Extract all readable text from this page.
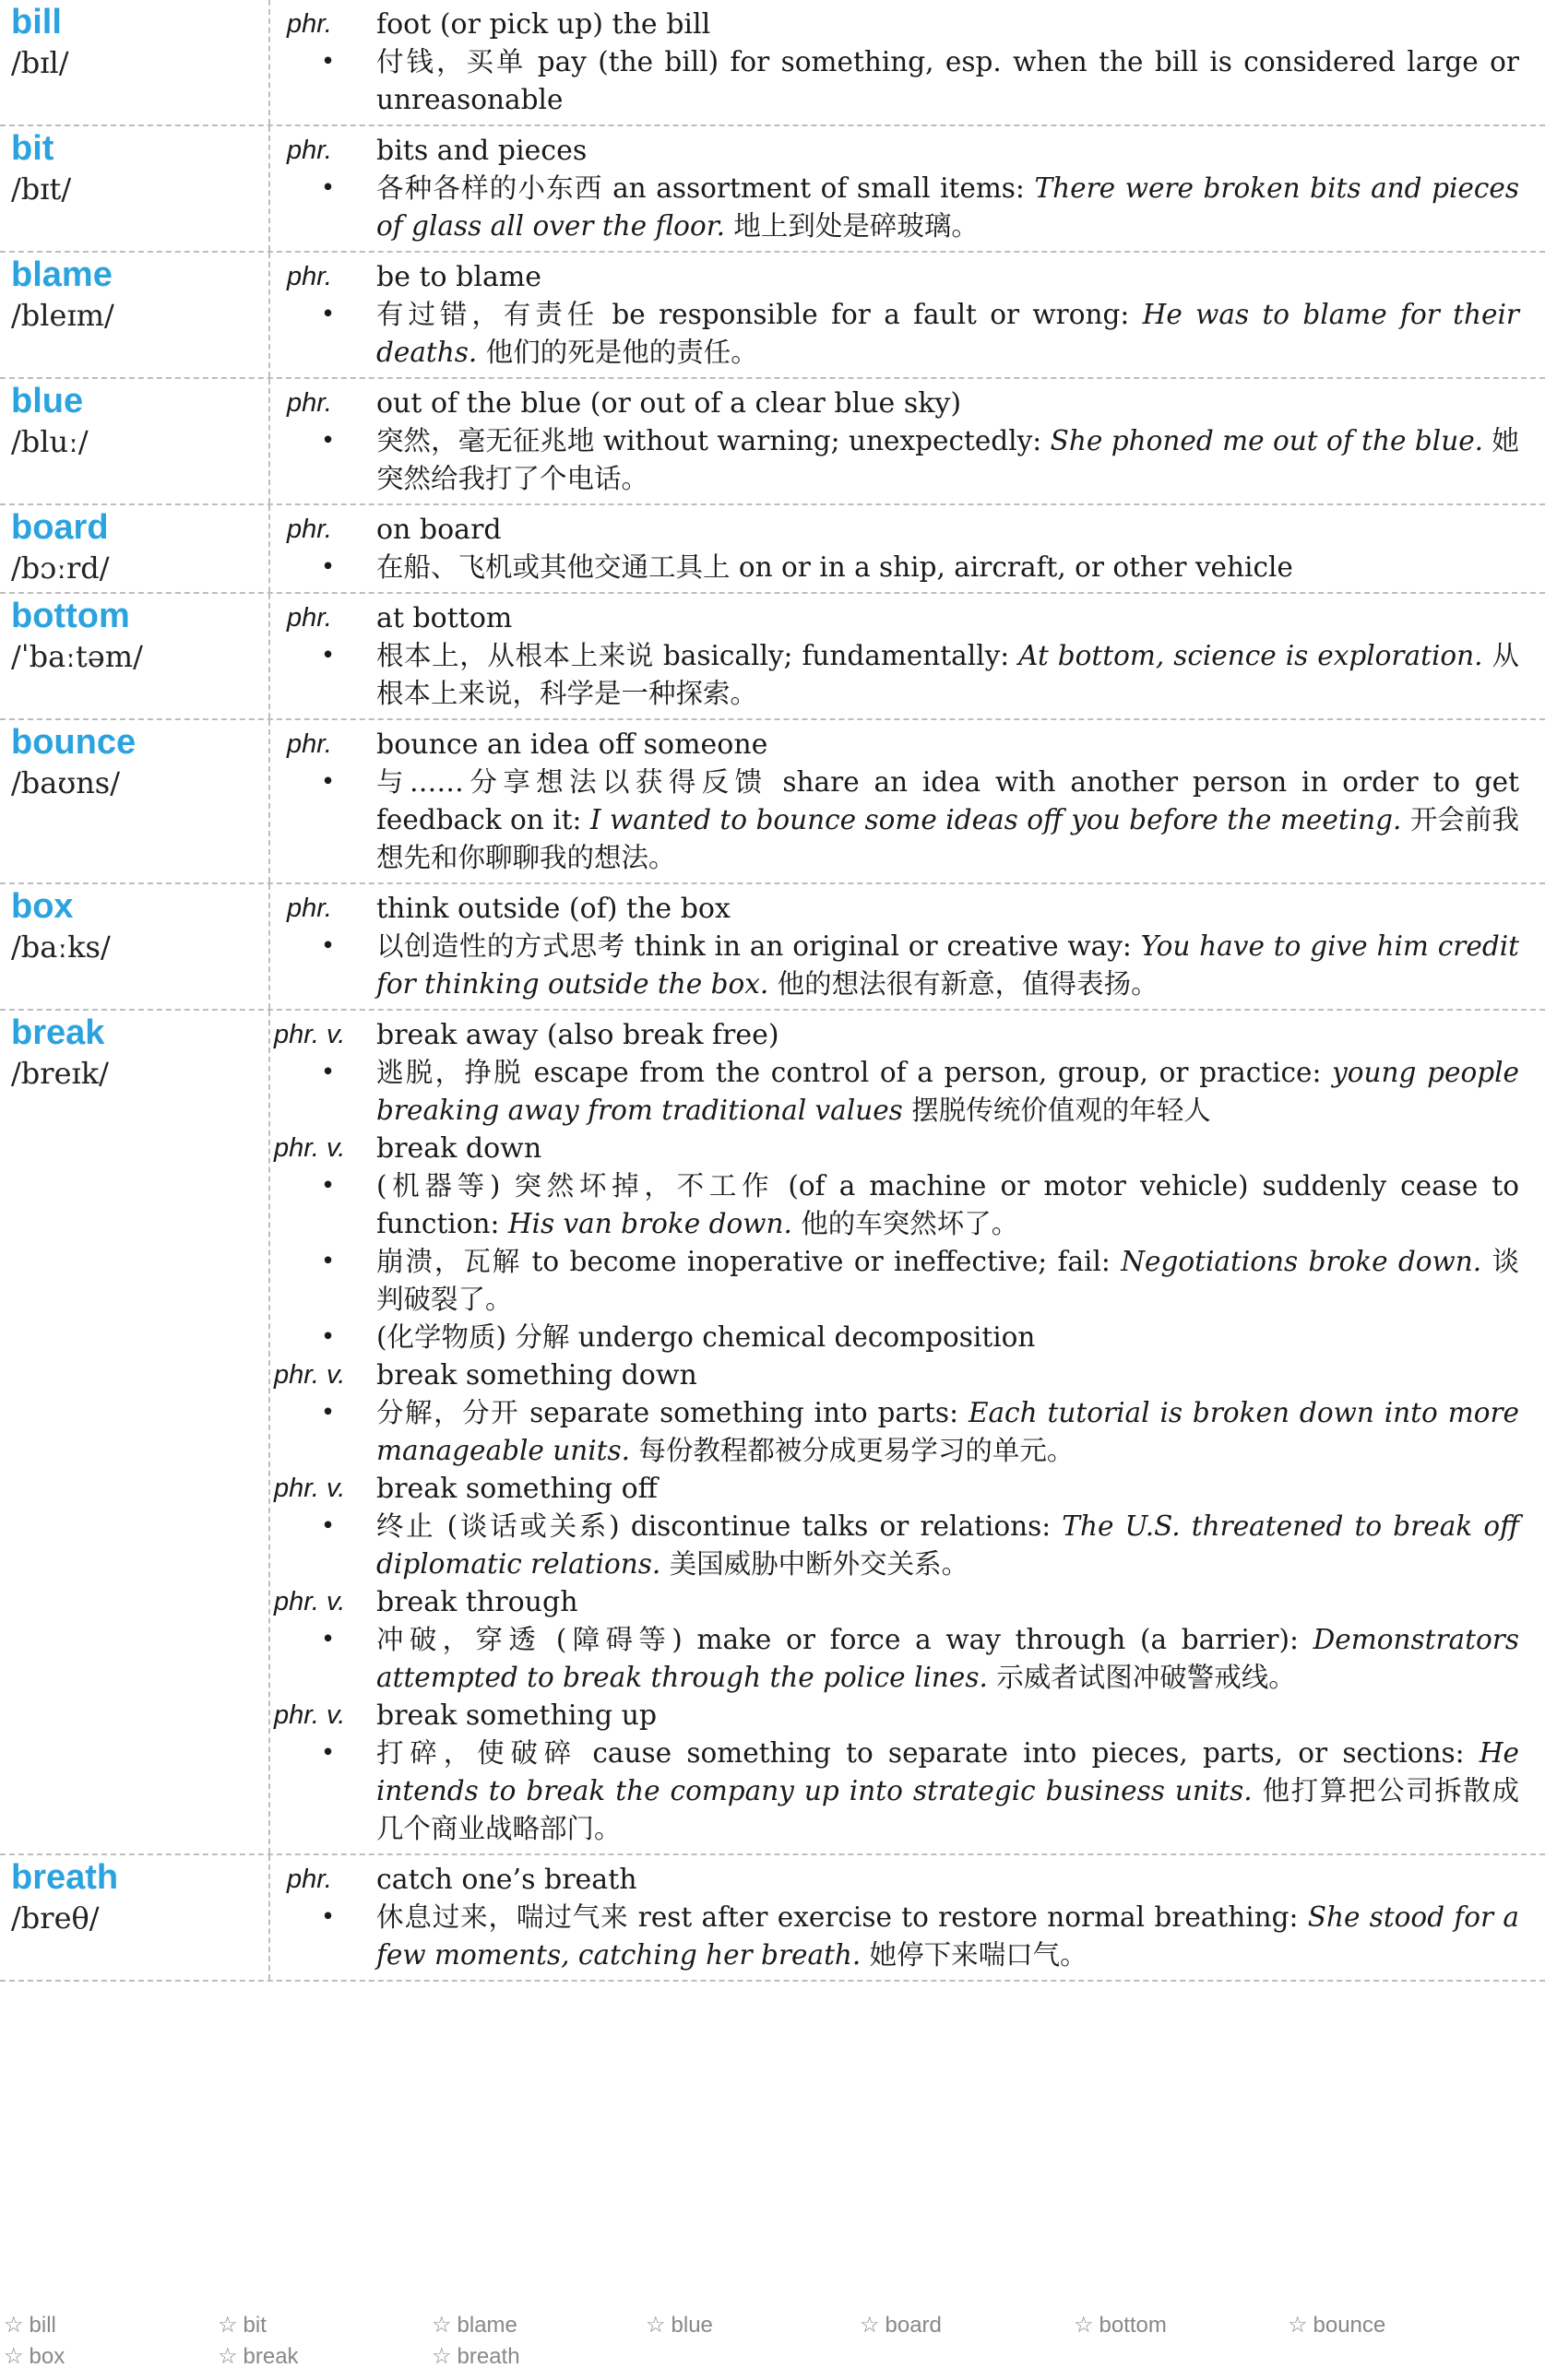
bill
/bɪl/
phr.	foot (or pick up) the bill
•	付钱，买单 pay (the bill) for something, esp. when the bill is considered large or unreasonable
bit
/bɪt/
phr.	bits and pieces
•	各种各样的小东西 an assortment of small items: There were broken bits and pieces of glass all over the floor. 地上到处是碎玻璃。
blame
/bleɪm/
phr.	be to blame
•	有过错，有责任 be responsible for a fault or wrong: He was to blame for their deaths. 他们的死是他的责任。
blue
/bluː/
phr.	out of the blue (or out of a clear blue sky)
•	突然，毫无征兆地 without warning; unexpectedly: She phoned me out of the blue. 她突然给我打了个电话。
board
/bɔːrd/
phr.	on board
•	在船、飞机或其他交通工具上 on or in a ship, aircraft, or other vehicle
bottom
/ˈbaːtəm/
phr.	at bottom
•	根本上，从根本上来说 basically; fundamentally: At bottom, science is exploration. 从根本上来说，科学是一种探索。
bounce
/baʊns/
phr.	bounce an idea off someone
•	与……分享想法以获得反馈 share an idea with another person in order to get feedback on it: I wanted to bounce some ideas off you before the meeting. 开会前我想先和你聊聊我的想法。
box
/baːks/
phr.	think outside (of) the box
•	以创造性的方式思考 think in an original or creative way: You have to give him credit for thinking outside the box. 他的想法很有新意，值得表扬。
break
/breɪk/
phr. v.	break away (also break free)
•	逃脱，挣脱 escape from the control of a person, group, or practice: young people breaking away from traditional values 摆脱传统价值观的年轻人
phr. v.	break down
•	(机器等) 突然坏掉，不工作 (of a machine or motor vehicle) suddenly cease to function: His van broke down. 他的车突然坏了。
•	崩溃，瓦解 to become inoperative or ineffective; fail: Negotiations broke down. 谈判破裂了。
•	(化学物质) 分解 undergo chemical decomposition
phr. v.	break something down
•	分解，分开 separate something into parts: Each tutorial is broken down into more manageable units. 每份教程都被分成更易学习的单元。
phr. v.	break something off
•	终止 (谈话或关系) discontinue talks or relations: The U.S. threatened to break off diplomatic relations. 美国威胁中断外交关系。
phr. v.	break through
•	冲破，穿透 (障碍等) make or force a way through (a barrier): Demonstrators attempted to break through the police lines. 示威者试图冲破警戒线。
phr. v.	break something up
•	打碎，使破碎 cause something to separate into pieces, parts, or sections: He intends to break the company up into strategic business units. 他打算把公司拆散成几个商业战略部门。
breath
/breθ/
phr.	catch one’s breath
•	休息过来，喘过气来 rest after exercise to restore normal breathing: She stood for a few moments, catching her breath. 她停下来喘口气。
☆ bill	☆ bit	☆ blame	☆ blue	☆ board	☆ bottom	☆ bounce
☆ box	☆ break	☆ breath
